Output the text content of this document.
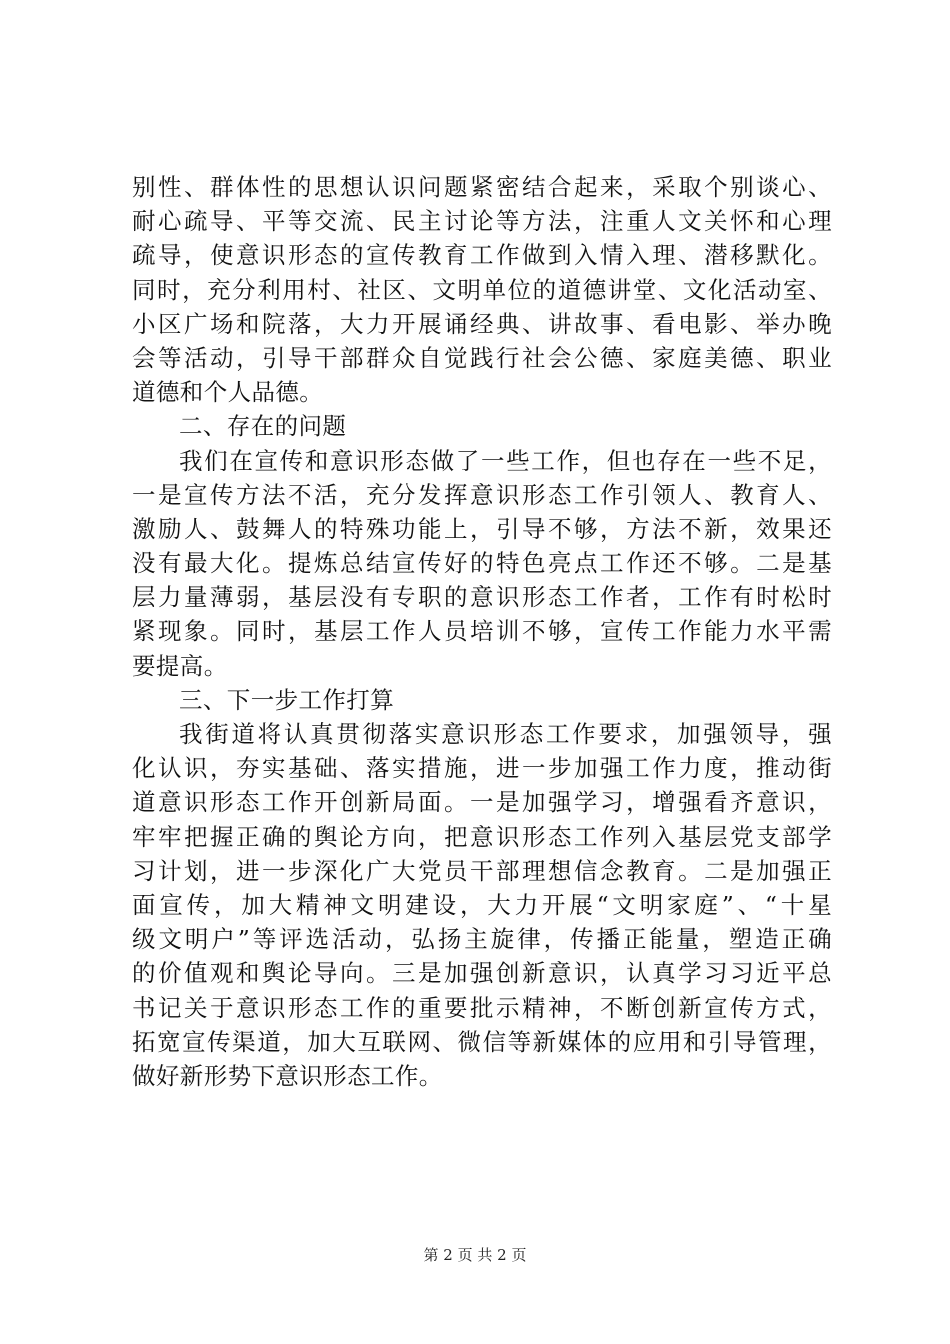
别性、群体性的思想认识问题紧密结合起来，采取个别谈心、
耐心疏导、平等交流、民主讨论等方法，注重人文关怀和心理
疏导，使意识形态的宣传教育工作做到入情入理、潜移默化。
同时，充分利用村、社区、文明单位的道德讲堂、文化活动室、
小区广场和院落，大力开展诵经典、讲故事、看电影、举办晚
会等活动，引导干部群众自觉践行社会公德、家庭美德、职业
道德和个人品德。
二、存在的问题
我们在宣传和意识形态做了一些工作，但也存在一些不足，
一是宣传方法不活，充分发挥意识形态工作引领人、教育人、
激励人、鼓舞人的特殊功能上，引导不够，方法不新，效果还
没有最大化。提炼总结宣传好的特色亮点工作还不够。二是基
层力量薄弱，基层没有专职的意识形态工作者，工作有时松时
紧现象。同时，基层工作人员培训不够，宣传工作能力水平需
要提高。
三、下一步工作打算
我街道将认真贯彻落实意识形态工作要求，加强领导，强
化认识，夯实基础、落实措施，进一步加强工作力度，推动街
道意识形态工作开创新局面。一是加强学习，增强看齐意识，
牢牢把握正确的舆论方向，把意识形态工作列入基层党支部学
习计划，进一步深化广大党员干部理想信念教育。二是加强正
面宣传，加大精神文明建设，大力开展“文明家庭”、“十星
级文明户”等评选活动，弘扬主旋律，传播正能量，塑造正确
的价值观和舆论导向。三是加强创新意识，认真学习习近平总
书记关于意识形态工作的重要批示精神，不断创新宣传方式，
拓宽宣传渠道，加大互联网、微信等新媒体的应用和引导管理，
做好新形势下意识形态工作。
第 2 页 共 2 页
